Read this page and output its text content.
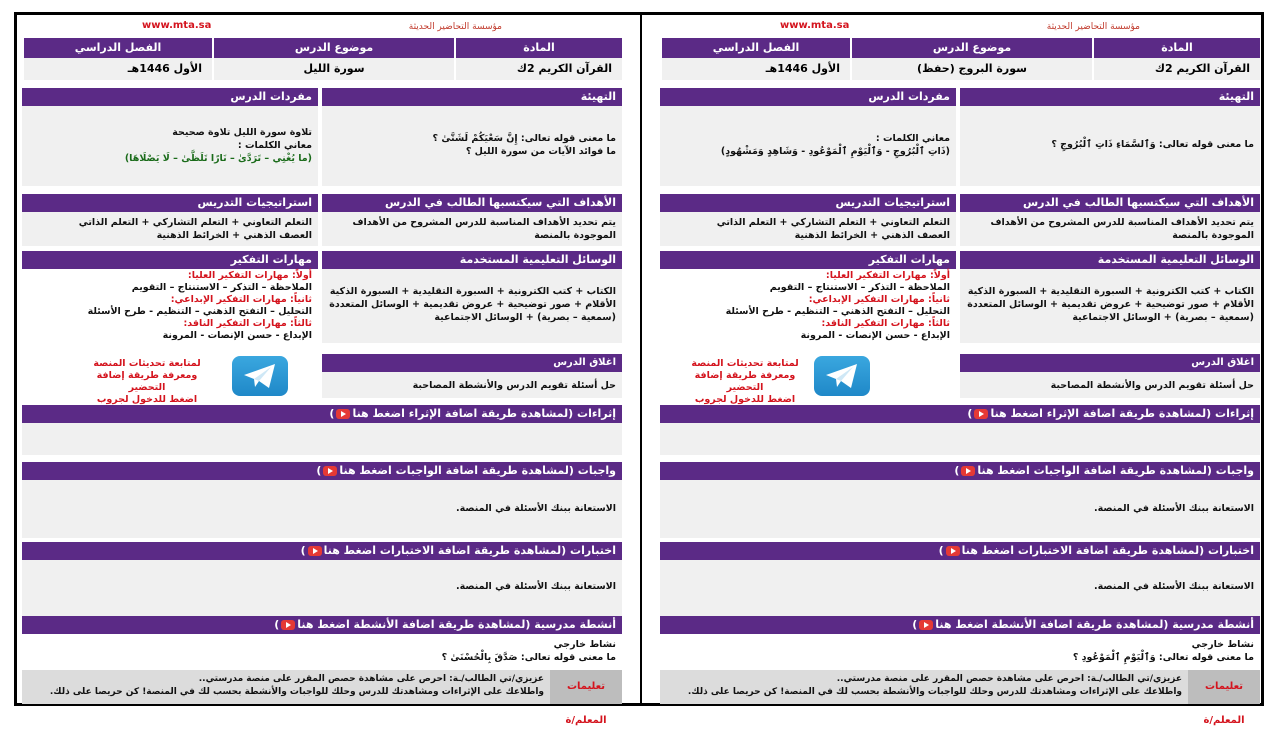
مؤسسة التحاضير الحديثة
www.mta.sa
المادة
القرآن الكريم 2ك
موضوع الدرس
سورة البروج (حفظ)
الفصل الدراسي
الأول 1446هـ
التهيئة
ما معنى قوله تعالى: وَٱلسَّمَاءِ ذَاتِ ٱلْبُرُوجِ ؟
مفردات الدرس
معاني الكلمات :
(ذَاتِ ٱلْبُرُوجِ - وَٱلْيَوْمِ ٱلْمَوْعُودِ - وَشَاهِدٍ وَمَشْهُودٍ)
الأهداف التي سيكتسبها الطالب في الدرس
يتم تحديد الأهداف المناسبة للدرس المشروح من الأهداف الموجودة بالمنصة
استراتيجيات التدريس
التعلم التعاوني + التعلم التشاركي + التعلم الذاتي
العصف الذهني + الخرائط الذهنية
الوسائل التعليمية المستخدمة
الكتاب + كتب الكترونية + السبورة التقليدية + السبورة الذكية
الأقلام + صور توضيحية + عروض تقديمية + الوسائل المتعددة
(سمعية – بصرية) + الوسائل الاجتماعية
مهارات التفكير
أولاً: مهارات التفكير العليا:
الملاحظة – التذكر – الاستنتاج – التقويم
ثانياً: مهارات التفكير الإبداعي:
التحليل – التفتح الذهني – التنظيم - طرح الأسئلة
ثالثاً: مهارات التفكير الناقد:
الإبداع - حسن الإنصات - المرونة
اغلاق الدرس
حل أسئلة تقويم الدرس والأنشطة المصاحبة
لمتابعة تحديثات المنصة
ومعرفة طريقة إضافة التحضير
اضغط للدخول لجروب
إثراءات (لمشاهدة طريقة اضافة الإثراء اضغط هنا)
واجبات (لمشاهدة طريقة اضافة الواجبات اضغط هنا)
الاستعانة ببنك الأسئلة في المنصة.
اختبارات (لمشاهدة طريقة اضافة الاختبارات اضغط هنا)
الاستعانة ببنك الأسئلة في المنصة.
أنشطة مدرسية (لمشاهدة طريقة اضافة الأنشطة اضغط هنا)
نشاط خارجي
ما معنى قوله تعالى: وَٱلْيَوْمِ ٱلْمَوْعُودِ ؟
تعليمات المعلم/ة
عزيزي/تي الطالب/ـة: احرص على مشاهدة حصص المقرر على منصة مدرستي..
واطلاعك على الإثراءات ومشاهدتك للدرس وحلك للواجبات والأنشطة بحسب لك في المنصة! كن حريصا على ذلك.
مؤسسة التحاضير الحديثة
www.mta.sa
المادة
القرآن الكريم 2ك
موضوع الدرس
سورة الليل
الفصل الدراسي
الأول 1446هـ
التهيئة
ما معنى قوله تعالى: إِنَّ سَعْيَكُمْ لَشَتَّىٰ ؟
ما فوائد الآيات من سورة الليل ؟
مفردات الدرس
تلاوة سورة الليل تلاوة صحيحة
معاني الكلمات :
(ما يُغْنِي – تَرَدَّىٰ – نَارًا تَلَظَّىٰ – لَا يَصْلَاهَا)
الأهداف التي سيكتسبها الطالب في الدرس
يتم تحديد الأهداف المناسبة للدرس المشروح من الأهداف الموجودة بالمنصة
استراتيجيات التدريس
التعلم التعاوني + التعلم التشاركي + التعلم الذاتي
العصف الذهني + الخرائط الذهنية
الوسائل التعليمية المستخدمة
الكتاب + كتب الكترونية + السبورة التقليدية + السبورة الذكية
الأقلام + صور توضيحية + عروض تقديمية + الوسائل المتعددة
(سمعية – بصرية) + الوسائل الاجتماعية
مهارات التفكير
أولاً: مهارات التفكير العليا:
الملاحظة – التذكر – الاستنتاج – التقويم
ثانياً: مهارات التفكير الإبداعي:
التحليل – التفتح الذهني – التنظيم - طرح الأسئلة
ثالثاً: مهارات التفكير الناقد:
الإبداع - حسن الإنصات - المرونة
اغلاق الدرس
حل أسئلة تقويم الدرس والأنشطة المصاحبة
لمتابعة تحديثات المنصة
ومعرفة طريقة إضافة التحضير
اضغط للدخول لجروب
إثراءات (لمشاهدة طريقة اضافة الإثراء اضغط هنا)
واجبات (لمشاهدة طريقة اضافة الواجبات اضغط هنا)
الاستعانة ببنك الأسئلة في المنصة.
اختبارات (لمشاهدة طريقة اضافة الاختبارات اضغط هنا)
الاستعانة ببنك الأسئلة في المنصة.
أنشطة مدرسية (لمشاهدة طريقة اضافة الأنشطة اضغط هنا)
نشاط خارجي
ما معنى قوله تعالى: صَدَّقَ بِالْحُسْنَىٰ ؟
تعليمات المعلم/ة
عزيزي/تي الطالب/ـة: احرص على مشاهدة حصص المقرر على منصة مدرستي..
واطلاعك على الإثراءات ومشاهدتك للدرس وحلك للواجبات والأنشطة بحسب لك في المنصة! كن حريصا على ذلك.
